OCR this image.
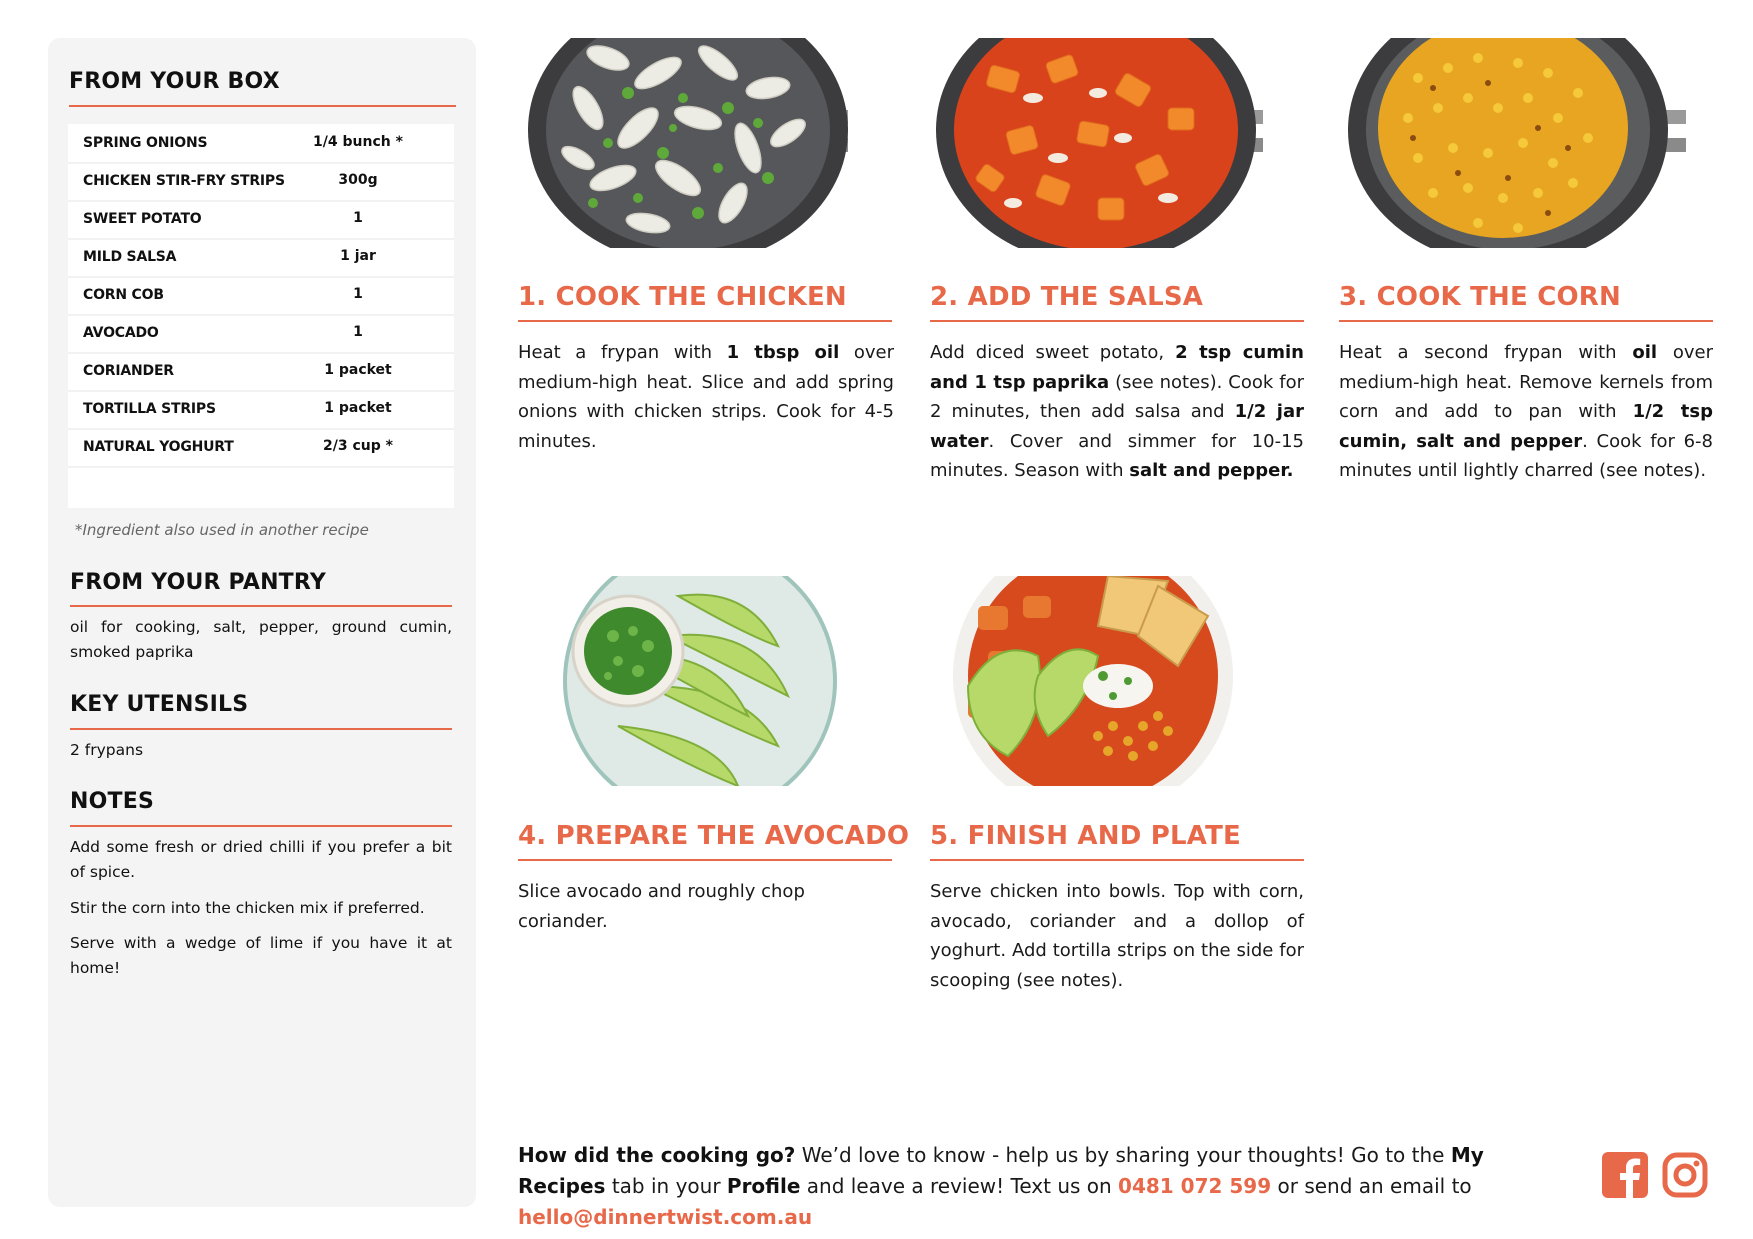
FROM YOUR BOX
SPRING ONIONS	1/4 bunch *
CHICKEN STIR-FRY STRIPS	300g
SWEET POTATO	1
MILD SALSA	1 jar
CORN COB	1
AVOCADO	1
CORIANDER	1 packet
TORTILLA STRIPS	1 packet
NATURAL YOGHURT	2/3 cup *
*Ingredient also used in another recipe
FROM YOUR PANTRY

oil for cooking, salt, pepper, ground cumin, smoked paprika

KEY UTENSILS

2 frypans

NOTES

Add some fresh or dried chilli if you prefer a bit of spice.

Stir the corn into the chicken mix if preferred.

Serve with a wedge of lime if you have it at home!

1. COOK THE CHICKEN

Heat a frypan with 1 tbsp oil over medium-high heat. Slice and add spring onions with chicken strips. Cook for 4-5 minutes.

2. ADD THE SALSA

Add diced sweet potato, 2 tsp cumin and 1 tsp paprika (see notes). Cook for 2 minutes, then add salsa and 1/2 jar water. Cover and simmer for 10-15 minutes. Season with salt and pepper.

3. COOK THE CORN

Heat a second frypan with oil over medium-high heat. Remove kernels from corn and add to pan with 1/2 tsp cumin, salt and pepper. Cook for 6-8 minutes until lightly charred (see notes).

4. PREPARE THE AVOCADO

Slice avocado and roughly chop coriander.

5. FINISH AND PLATE

Serve chicken into bowls. Top with corn, avocado, coriander and a dollop of yoghurt. Add tortilla strips on the side for scooping (see notes).

How did the cooking go? We’d love to know - help us by sharing your thoughts! Go to the My Recipes tab in your Profile and leave a review! Text us on 0481 072 599 or send an email to hello@dinnertwist.com.au
